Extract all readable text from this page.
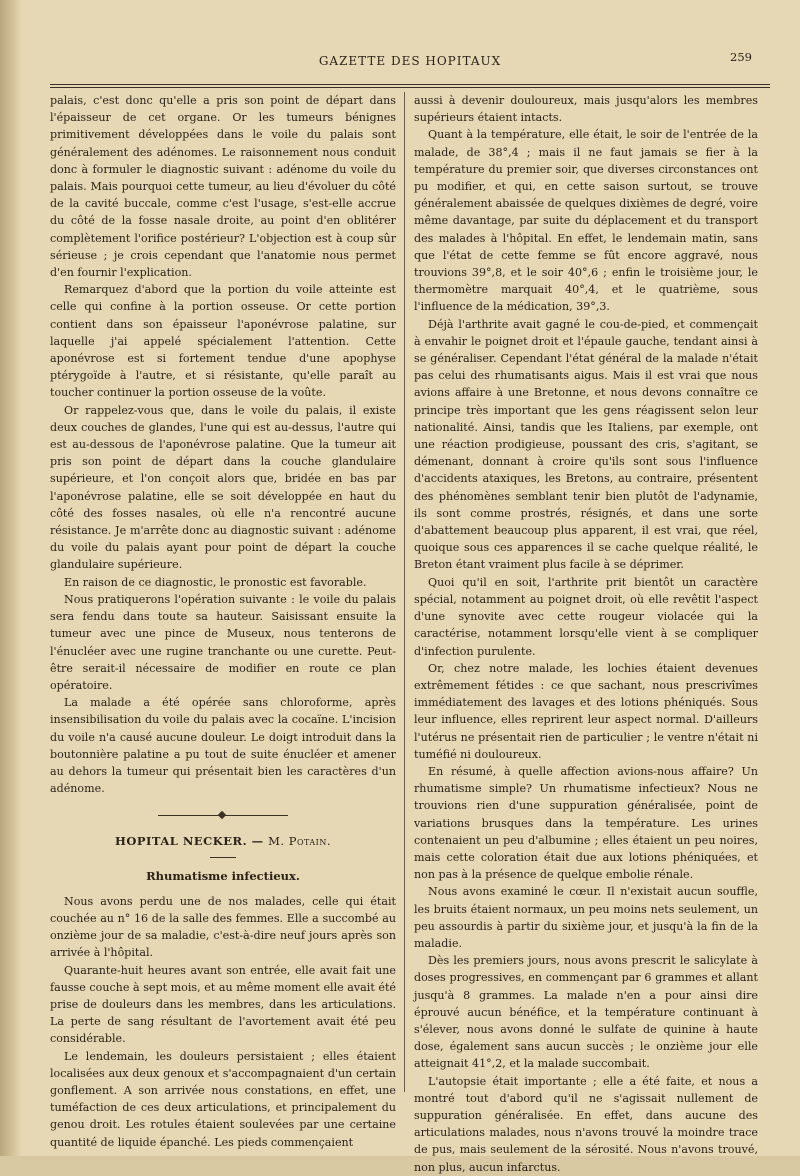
GAZETTE DES HOPITAUX	259

palais, c'est donc qu'elle a pris son point de départ dans l'épaisseur de cet organe. Or les tumeurs bénignes primitivement développées dans le voile du palais sont généralement des adénomes. Le raisonnement nous conduit donc à formuler le diagnostic suivant : adénome du voile du palais. Mais pourquoi cette tumeur, au lieu d'évoluer du côté de la cavité buccale, comme c'est l'usage, s'est-elle accrue du côté de la fosse nasale droite, au point d'en oblitérer complètement l'orifice postérieur? L'objection est à coup sûr sérieuse ; je crois cependant que l'anatomie nous permet d'en fournir l'explication.

Remarquez d'abord que la portion du voile atteinte est celle qui confine à la portion osseuse. Or cette portion contient dans son épaisseur l'aponévrose palatine, sur laquelle j'ai appelé spécialement l'attention. Cette aponévrose est si fortement tendue d'une apophyse ptérygoïde à l'autre, et si résistante, qu'elle paraît au toucher continuer la portion osseuse de la voûte.

Or rappelez-vous que, dans le voile du palais, il existe deux couches de glandes, l'une qui est au-dessus, l'autre qui est au-dessous de l'aponévrose palatine. Que la tumeur ait pris son point de départ dans la couche glandulaire supérieure, et l'on conçoit alors que, bridée en bas par l'aponévrose palatine, elle se soit développée en haut du côté des fosses nasales, où elle n'a rencontré aucune résistance. Je m'arrête donc au diagnostic suivant : adénome du voile du palais ayant pour point de départ la couche glandulaire supérieure.

En raison de ce diagnostic, le pronostic est favorable.

Nous pratiquerons l'opération suivante : le voile du palais sera fendu dans toute sa hauteur. Saisissant ensuite la tumeur avec une pince de Museux, nous tenterons de l'énucléer avec une rugine tranchante ou une curette. Peut-être serait-il nécessaire de modifier en route ce plan opératoire.

La malade a été opérée sans chloroforme, après insensibilisation du voile du palais avec la cocaïne. L'incision du voile n'a causé aucune douleur. Le doigt introduit dans la boutonnière palatine a pu tout de suite énucléer et amener au dehors la tumeur qui présentait bien les caractères d'un adénome.

HOPITAL NECKER. — M. Potain.
Rhumatisme infectieux.

Nous avons perdu une de nos malades, celle qui était couchée au n° 16 de la salle des femmes. Elle a succombé au onzième jour de sa maladie, c'est-à-dire neuf jours après son arrivée à l'hôpital.

Quarante-huit heures avant son entrée, elle avait fait une fausse couche à sept mois, et au même moment elle avait été prise de douleurs dans les membres, dans les articulations. La perte de sang résultant de l'avortement avait été peu considérable.

Le lendemain, les douleurs persistaient ; elles étaient localisées aux deux genoux et s'accompagnaient d'un certain gonflement. A son arrivée nous constations, en effet, une tuméfaction de ces deux articulations, et principalement du genou droit. Les rotules étaient soulevées par une certaine quantité de liquide épanché. Les pieds commençaient

aussi à devenir douloureux, mais jusqu'alors les membres supérieurs étaient intacts.

Quant à la température, elle était, le soir de l'entrée de la malade, de 38°,4 ; mais il ne faut jamais se fier à la température du premier soir, que diverses circonstances ont pu modifier, et qui, en cette saison surtout, se trouve généralement abaissée de quelques dixièmes de degré, voire même davantage, par suite du déplacement et du transport des malades à l'hôpital. En effet, le lendemain matin, sans que l'état de cette femme se fût encore aggravé, nous trouvions 39°,8, et le soir 40°,6 ; enfin le troisième jour, le thermomètre marquait 40°,4, et le quatrième, sous l'influence de la médication, 39°,3.

Déjà l'arthrite avait gagné le cou-de-pied, et commençait à envahir le poignet droit et l'épaule gauche, tendant ainsi à se généraliser. Cependant l'état général de la malade n'était pas celui des rhumatisants aigus. Mais il est vrai que nous avions affaire à une Bretonne, et nous devons connaître ce principe très important que les gens réagissent selon leur nationalité. Ainsi, tandis que les Italiens, par exemple, ont une réaction prodigieuse, poussant des cris, s'agitant, se démenant, donnant à croire qu'ils sont sous l'influence d'accidents ataxiques, les Bretons, au contraire, présentent des phénomènes semblant tenir bien plutôt de l'adynamie, ils sont comme prostrés, résignés, et dans une sorte d'abattement beaucoup plus apparent, il est vrai, que réel, quoique sous ces apparences il se cache quelque réalité, le Breton étant vraiment plus facile à se déprimer.

Quoi qu'il en soit, l'arthrite prit bientôt un caractère spécial, notamment au poignet droit, où elle revêtit l'aspect d'une synovite avec cette rougeur violacée qui la caractérise, notamment lorsqu'elle vient à se compliquer d'infection purulente.

Or, chez notre malade, les lochies étaient devenues extrêmement fétides : ce que sachant, nous prescrivîmes immédiatement des lavages et des lotions phéniqués. Sous leur influence, elles reprirent leur aspect normal. D'ailleurs l'utérus ne présentait rien de particulier ; le ventre n'était ni tuméfié ni douloureux.

En résumé, à quelle affection avions-nous affaire? Un rhumatisme simple? Un rhumatisme infectieux? Nous ne trouvions rien d'une suppuration généralisée, point de variations brusques dans la température. Les urines contenaient un peu d'albumine ; elles étaient un peu noires, mais cette coloration était due aux lotions phéniquées, et non pas à la présence de quelque embolie rénale.

Nous avons examiné le cœur. Il n'existait aucun souffle, les bruits étaient normaux, un peu moins nets seulement, un peu assourdis à partir du sixième jour, et jusqu'à la fin de la maladie.

Dès les premiers jours, nous avons prescrit le salicylate à doses progressives, en commençant par 6 grammes et allant jusqu'à 8 grammes. La malade n'en a pour ainsi dire éprouvé aucun bénéfice, et la température continuant à s'élever, nous avons donné le sulfate de quinine à haute dose, également sans aucun succès ; le onzième jour elle atteignait 41°,2, et la malade succombait.

L'autopsie était importante ; elle a été faite, et nous a montré tout d'abord qu'il ne s'agissait nullement de suppuration généralisée. En effet, dans aucune des articulations malades, nous n'avons trouvé la moindre trace de pus, mais seulement de la sérosité. Nous n'avons trouvé, non plus, aucun infarctus.
